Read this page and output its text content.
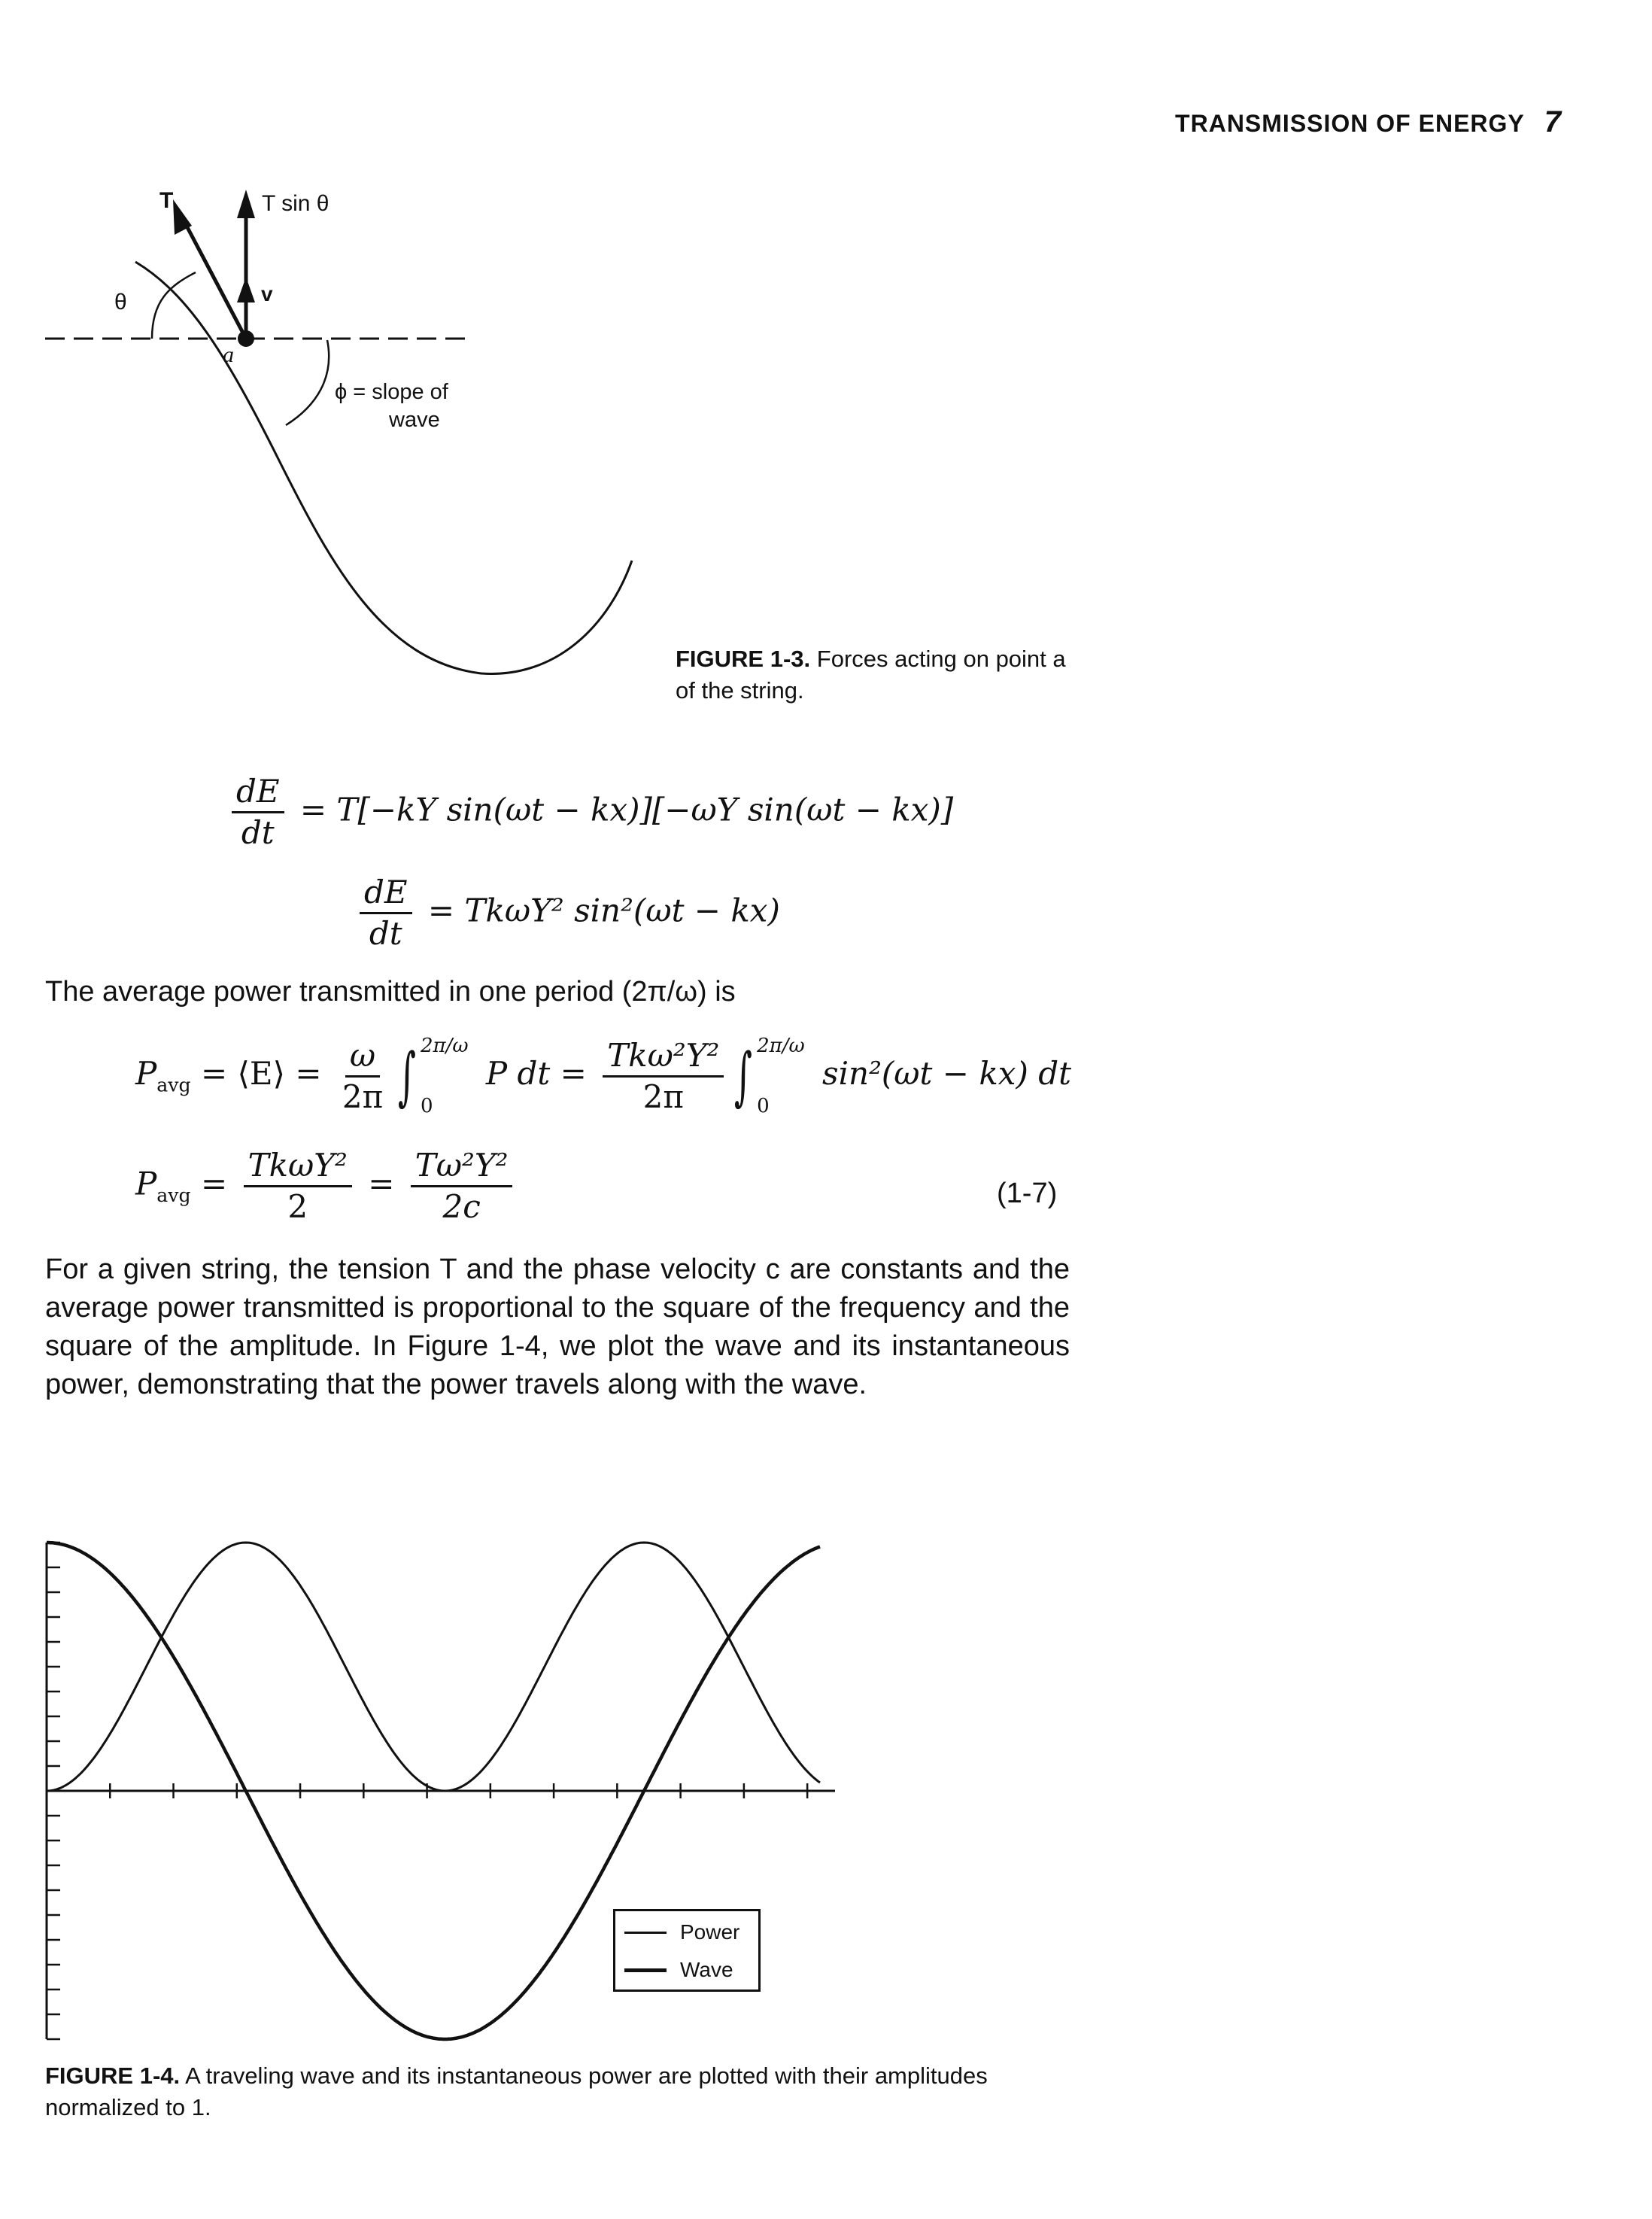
TRANSMISSION OF ENERGY 7
T	T sin θ
θ	v
a
ϕ = slope of
wave
FIGURE 1-3. Forces acting on point a of the string.
$\frac{dE}{dt} = T[-kY$ sin(ωt − kx)][−ωY sin(ωt − kx)]
$\frac{dE}{dt} = Tk\omega Y^2$ sin²(ωt − kx)
The average power transmitted in one period (2π/ω) is
$P_{avg}$ = ⟨E⟩ = $\frac{\omega}{2\pi}$ ∫ 2π/ω
0
P dt = $\frac{\text{Tkω²Y²}}{2\pi}$ ∫ 2π/ω
0
sin²(ωt − kx) dt
$P_{avg} = \frac{\text{TkωY²}}{2} = \frac{\text{Tω²Y²}}{2c}$	(1-7)
For a given string, the tension T and the phase velocity c are constants and the average power transmitted is proportional to the square of the frequency and the square of the amplitude. In Figure 1-4, we plot the wave and its instantaneous power, demonstrating that the power travels along with the wave.
Power
Wave
FIGURE 1-4. A traveling wave and its instantaneous power are plotted with their amplitudes normalized to 1.
